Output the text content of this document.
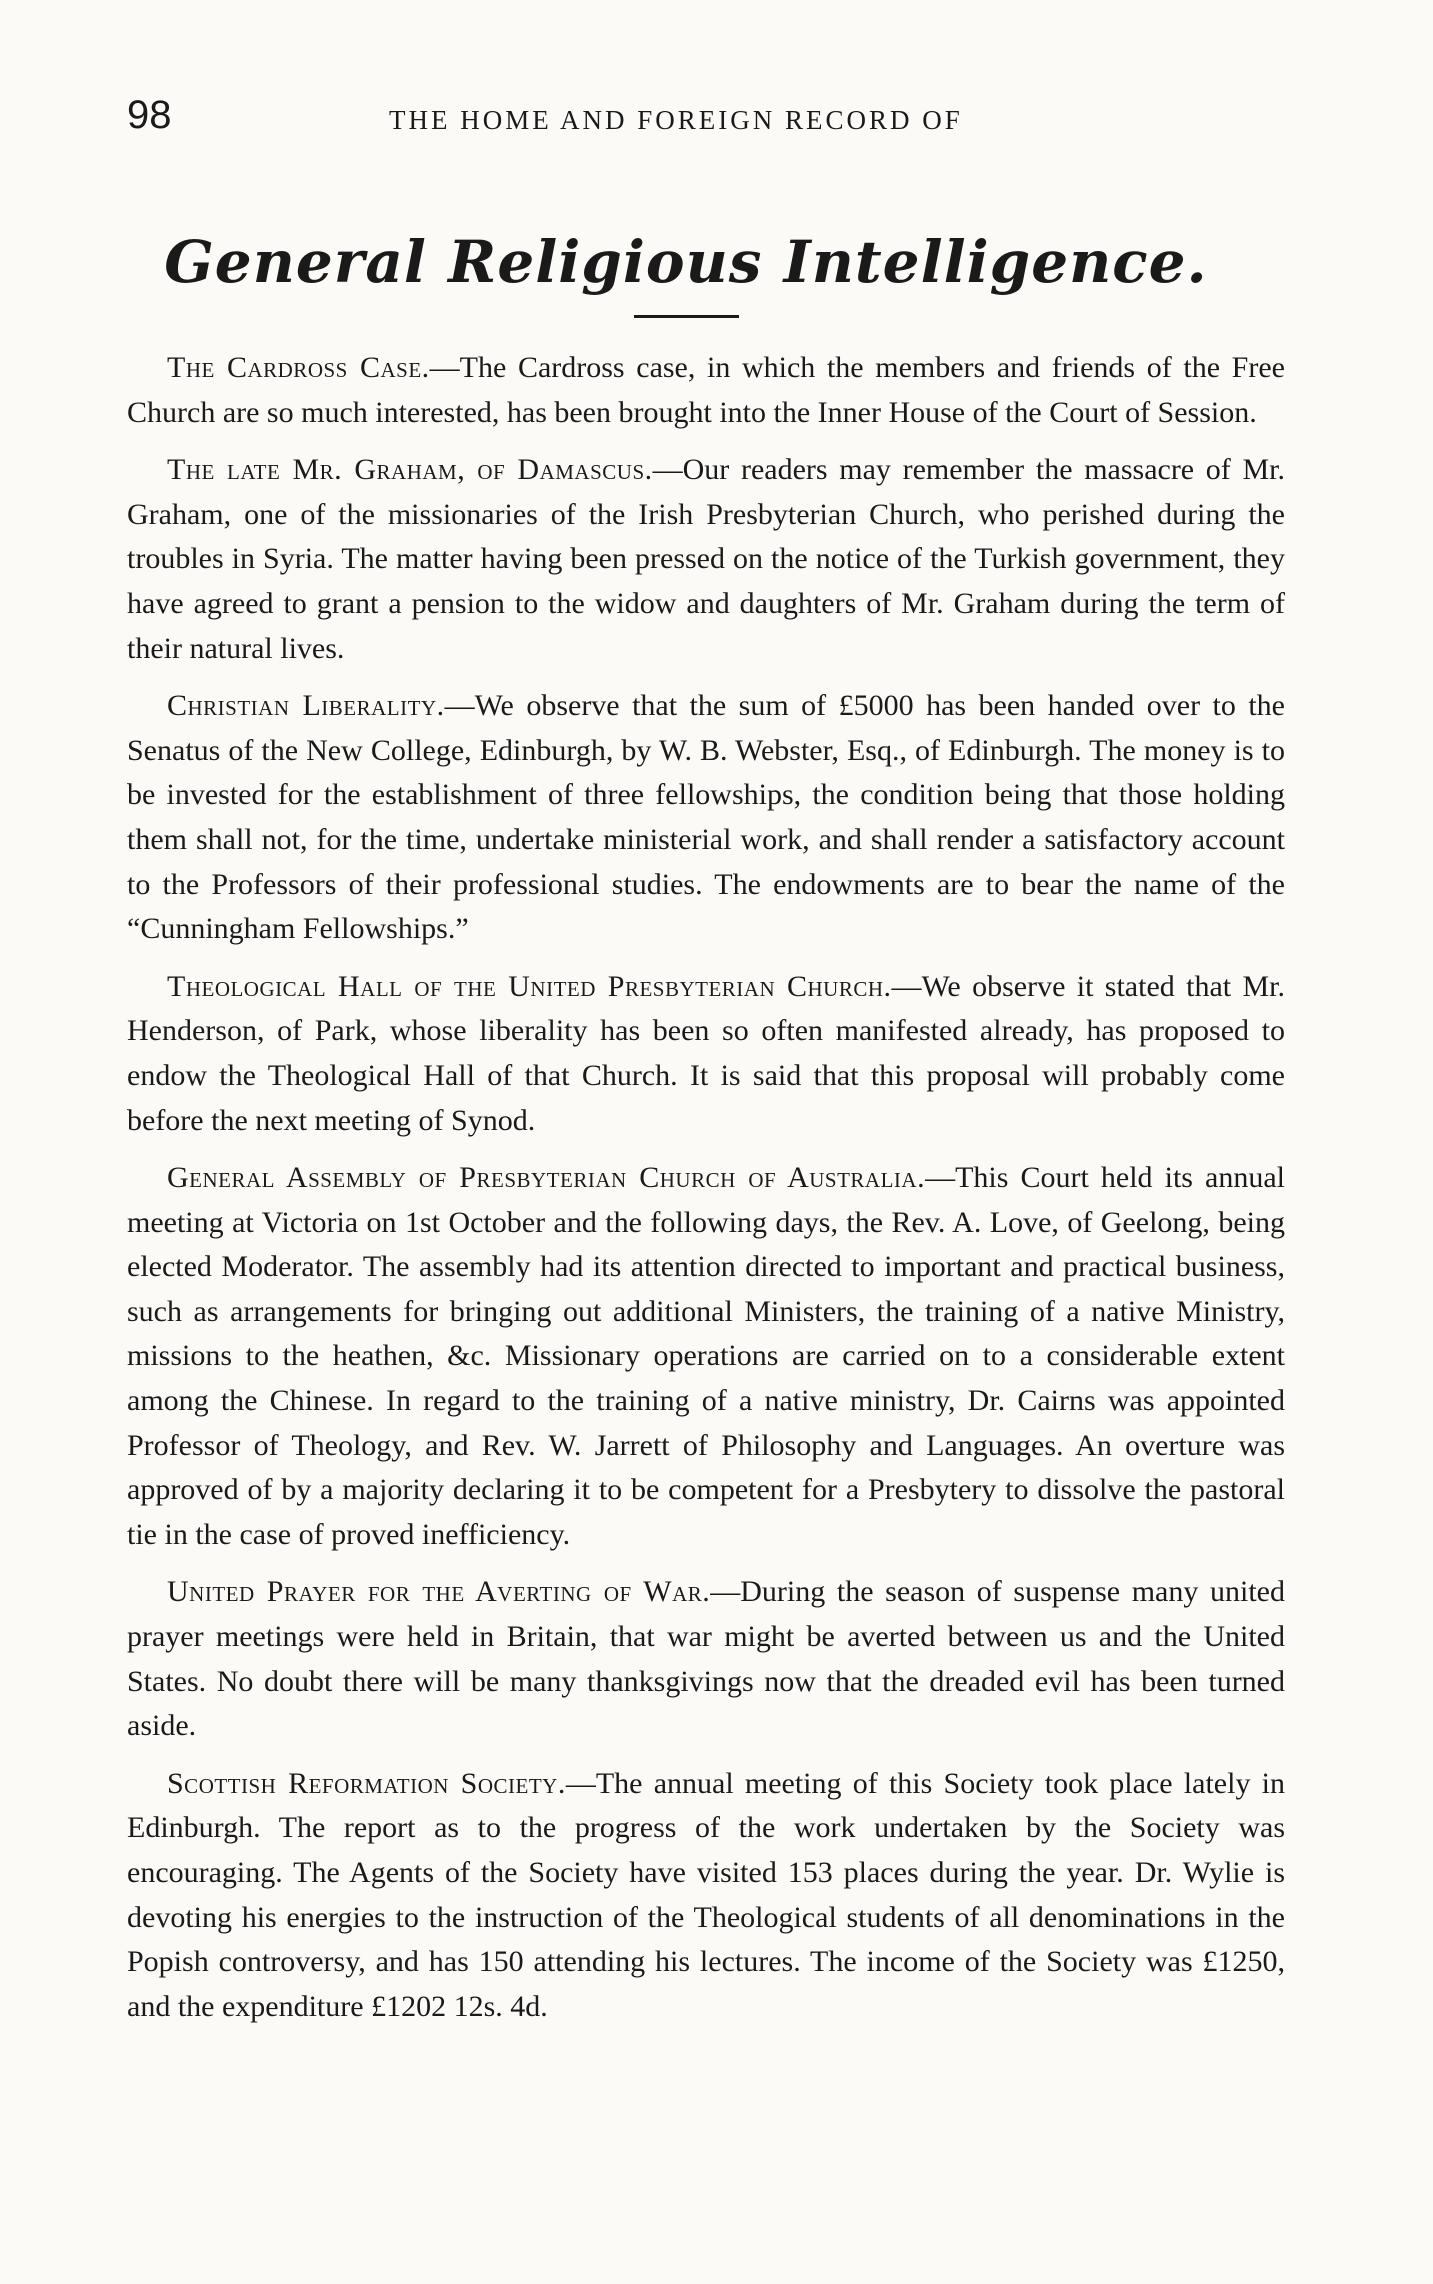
98	THE HOME AND FOREIGN RECORD OF
General Religious Intelligence.

The Cardross Case.—The Cardross case, in which the members and friends of the Free Church are so much interested, has been brought into the Inner House of the Court of Session.

The late Mr. Graham, of Damascus.—Our readers may remember the massacre of Mr. Graham, one of the missionaries of the Irish Presbyterian Church, who perished during the troubles in Syria. The matter having been pressed on the notice of the Turkish government, they have agreed to grant a pension to the widow and daughters of Mr. Graham during the term of their natural lives.

Christian Liberality.—We observe that the sum of £5000 has been handed over to the Senatus of the New College, Edinburgh, by W. B. Webster, Esq., of Edinburgh. The money is to be invested for the establishment of three fellowships, the condition being that those holding them shall not, for the time, undertake ministerial work, and shall render a satisfactory account to the Professors of their professional studies. The endowments are to bear the name of the “Cunningham Fellowships.”

Theological Hall of the United Presbyterian Church.—We observe it stated that Mr. Henderson, of Park, whose liberality has been so often manifested already, has proposed to endow the Theological Hall of that Church. It is said that this proposal will probably come before the next meeting of Synod.

General Assembly of Presbyterian Church of Australia.—This Court held its annual meeting at Victoria on 1st October and the following days, the Rev. A. Love, of Geelong, being elected Moderator. The assembly had its attention directed to important and practical business, such as arrangements for bringing out additional Ministers, the training of a native Ministry, missions to the heathen, &c. Missionary operations are carried on to a considerable extent among the Chinese. In regard to the training of a native ministry, Dr. Cairns was appointed Professor of Theology, and Rev. W. Jarrett of Philosophy and Languages. An overture was approved of by a majority declaring it to be competent for a Presbytery to dissolve the pastoral tie in the case of proved inefficiency.

United Prayer for the Averting of War.—During the season of suspense many united prayer meetings were held in Britain, that war might be averted between us and the United States. No doubt there will be many thanksgivings now that the dreaded evil has been turned aside.

Scottish Reformation Society.—The annual meeting of this Society took place lately in Edinburgh. The report as to the progress of the work undertaken by the Society was encouraging. The Agents of the Society have visited 153 places during the year. Dr. Wylie is devoting his energies to the instruction of the Theological students of all denominations in the Popish controversy, and has 150 attending his lectures. The income of the Society was £1250, and the expenditure £1202 12s. 4d.
